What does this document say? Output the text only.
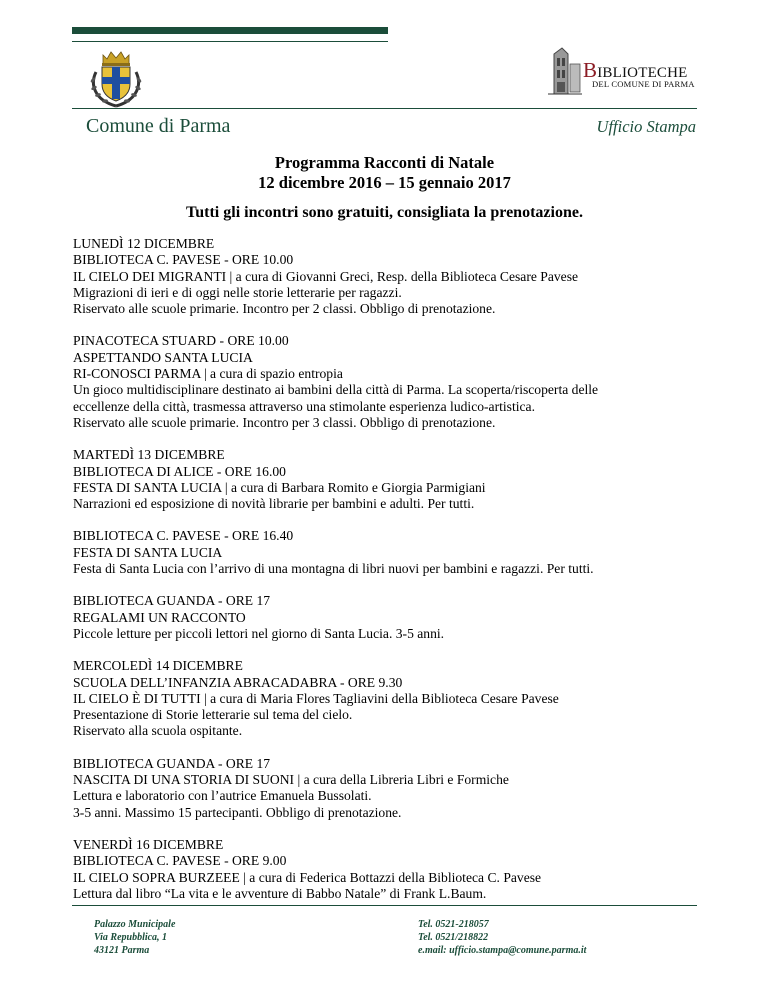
BIBLIOTECHE
DEL COMUNE DI PARMA
Comune di Parma	Ufficio Stampa
Programma Racconti di Natale
12 dicembre 2016 – 15 gennaio 2017
Tutti gli incontri sono gratuiti, consigliata la prenotazione.
LUNEDÌ 12 DICEMBRE
BIBLIOTECA C. PAVESE - ORE 10.00
IL CIELO DEI MIGRANTI | a cura di Giovanni Greci, Resp. della Biblioteca Cesare Pavese
Migrazioni di ieri e di oggi nelle storie letterarie per ragazzi.
Riservato alle scuole primarie. Incontro per 2 classi. Obbligo di prenotazione.
PINACOTECA STUARD - ORE 10.00
ASPETTANDO SANTA LUCIA
RI-CONOSCI PARMA | a cura di spazio entropia
Un gioco multidisciplinare destinato ai bambini della città di Parma. La scoperta/riscoperta delle
eccellenze della città, trasmessa attraverso una stimolante esperienza ludico-artistica.
Riservato alle scuole primarie. Incontro per 3 classi. Obbligo di prenotazione.
MARTEDÌ 13 DICEMBRE
BIBLIOTECA DI ALICE - ORE 16.00
FESTA DI SANTA LUCIA | a cura di Barbara Romito e Giorgia Parmigiani
Narrazioni ed esposizione di novità librarie per bambini e adulti. Per tutti.
BIBLIOTECA C. PAVESE - ORE 16.40
FESTA DI SANTA LUCIA
Festa di Santa Lucia con l’arrivo di una montagna di libri nuovi per bambini e ragazzi. Per tutti.
BIBLIOTECA GUANDA - ORE 17
REGALAMI UN RACCONTO
Piccole letture per piccoli lettori nel giorno di Santa Lucia. 3-5 anni.
MERCOLEDÌ 14 DICEMBRE
SCUOLA DELL’INFANZIA ABRACADABRA - ORE 9.30
IL CIELO È DI TUTTI | a cura di Maria Flores Tagliavini della Biblioteca Cesare Pavese
Presentazione di Storie letterarie sul tema del cielo.
Riservato alla scuola ospitante.
BIBLIOTECA GUANDA - ORE 17
NASCITA DI UNA STORIA DI SUONI | a cura della Libreria Libri e Formiche
Lettura e laboratorio con l’autrice Emanuela Bussolati.
3-5 anni. Massimo 15 partecipanti. Obbligo di prenotazione.
VENERDÌ 16 DICEMBRE
BIBLIOTECA C. PAVESE - ORE 9.00
IL CIELO SOPRA BURZEEE | a cura di Federica Bottazzi della Biblioteca C. Pavese
Lettura dal libro “La vita e le avventure di Babbo Natale” di Frank L.Baum.
Palazzo Municipale
Via Repubblica, 1
43121 Parma
Tel. 0521-218057
Tel. 0521/218822
e.mail: ufficio.stampa@comune.parma.it
